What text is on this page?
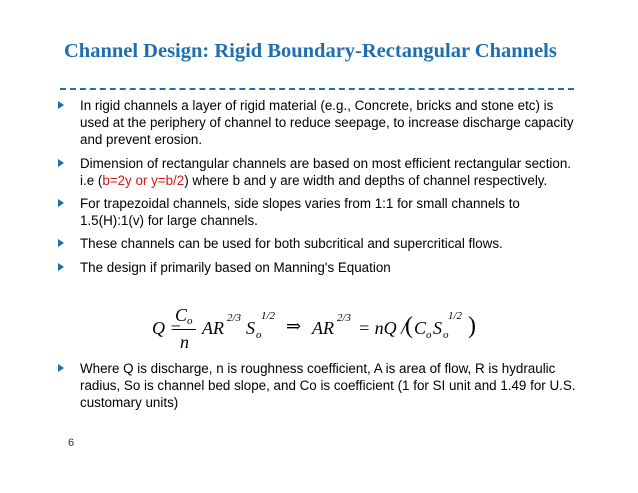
Channel Design: Rigid Boundary-Rectangular Channels
In rigid channels a layer of rigid material (e.g., Concrete, bricks and stone etc) is used at the periphery of channel to reduce seepage, to increase discharge capacity and prevent erosion.
Dimension of rectangular channels are based on most efficient rectangular section. i.e (b=2y or y=b/2) where b and y are width and depths of channel respectively.
For trapezoidal channels, side slopes varies from 1:1 for small channels to 1.5(H):1(v) for large channels.
These channels can be used for both subcritical and supercritical flows.
The design if primarily based on Manning's Equation
Q =
$C_o$
n
AR 2/3 S o
1/2 ⇒ AR 2/3 = nQ /
( C o S o
1/2 )
Where Q is discharge, n is roughness coefficient, A is area of flow, R is hydraulic radius, So is channel bed slope, and Co is coefficient (1 for SI unit and 1.49 for U.S. customary units)
6
